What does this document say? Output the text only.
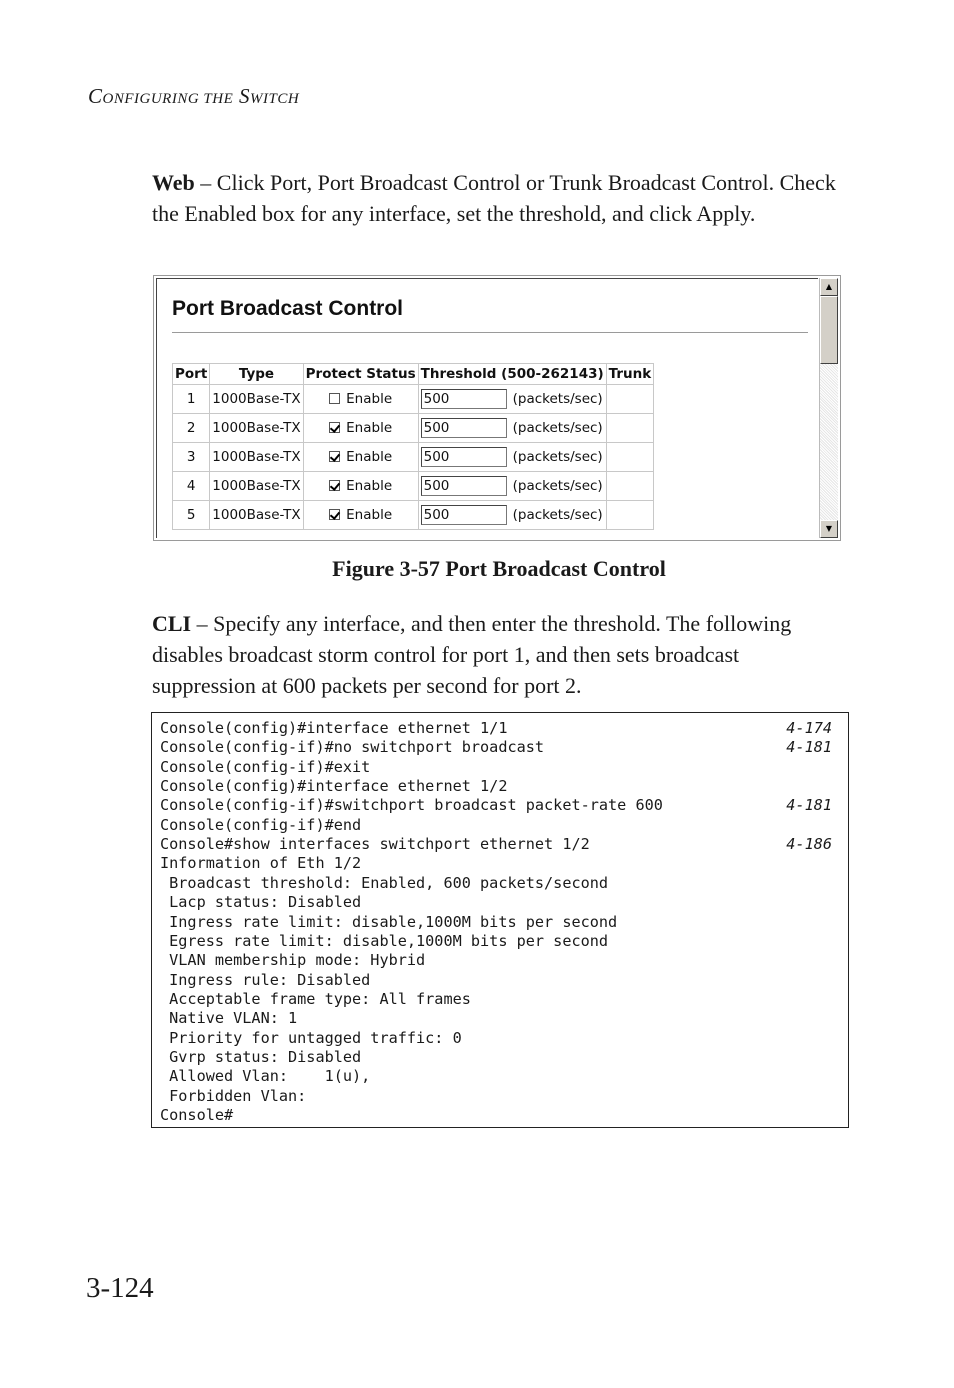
CONFIGURING THE SWITCH

Web – Click Port, Port Broadcast Control or Trunk Broadcast Control. Check the Enabled box for any interface, set the threshold, and click Apply.

Port Broadcast Control
Port	Type	Protect Status	Threshold (500-262143)	Trunk
1	1000Base-TX	Enable	500 (packets/sec)	
2	1000Base-TX	Enable	500 (packets/sec)	
3	1000Base-TX	Enable	500 (packets/sec)	
4	1000Base-TX	Enable	500 (packets/sec)	
5	1000Base-TX	Enable	500 (packets/sec)	
▲
▼
Figure 3-57 Port Broadcast Control

CLI – Specify any interface, and then enter the threshold. The following disables broadcast storm control for port 1, and then sets broadcast suppression at 600 packets per second for port 2.

Console(config)#interface ethernet 1/1	4-174
Console(config-if)#no switchport broadcast	4-181
Console(config-if)#exit
Console(config)#interface ethernet 1/2
Console(config-if)#switchport broadcast packet-rate 600	4-181
Console(config-if)#end
Console#show interfaces switchport ethernet 1/2	4-186
Information of Eth 1/2
Broadcast threshold: Enabled, 600 packets/second
Lacp status: Disabled
Ingress rate limit: disable,1000M bits per second
Egress rate limit: disable,1000M bits per second
VLAN membership mode: Hybrid
Ingress rule: Disabled
Acceptable frame type: All frames
Native VLAN: 1
Priority for untagged traffic: 0
Gvrp status: Disabled
Allowed Vlan:    1(u),
Forbidden Vlan:
Console#
3-124
